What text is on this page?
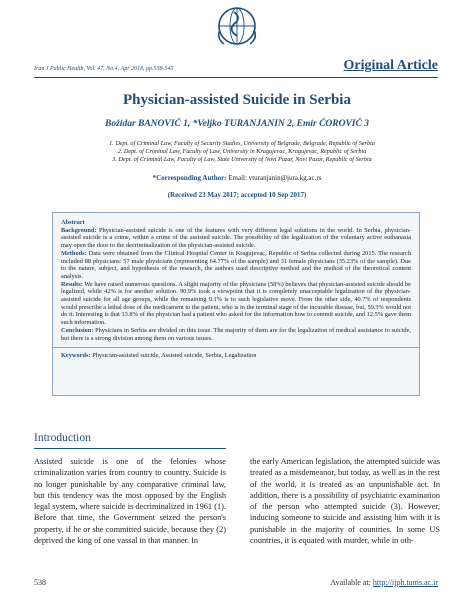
Iran J Public Health, Vol. 47, No.4, Apr 2018, pp.538-545	Original Article
Physician-assisted Suicide in Serbia
Božidar BANOVIĆ 1, *Veljko TURANJANIN 2, Emir ĆOROVIĆ 3
1. Dept. of Criminal Law, Faculty of Security Studies, University of Belgrade, Belgrade, Republic of Serbia
2. Dept. of Criminal Law, Faculty of Law, University in Kragujevac, Kragujevac, Republic of Serbia
3. Dept. of Criminal Law, Faculty of Law, State University of Novi Pazar, Novi Pazar, Republic of Serbia
*Corresponding Author: Email: vturanjanin@jura.kg.ac.rs
(Received 23 May 2017; accepted 10 Sep 2017)
Abstract

Background: Physician-assisted suicide is one of the features with very different legal solutions in the world. In Serbia, physician-assisted suicide is a crime, within a crime of the assisted suicide. The possibility of the legalization of the voluntary active euthanasia may open the door to the decriminalization of the physician-assisted suicide.

Methods: Data were obtained from the Clinical Hospital Center in Kragujevac, Republic of Serbia collected during 2015. The research included 88 physicians: 57 male physicians (representing 64.77% of the sample) and 31 female physicians (35.23% of the sample). Due to the nature, subject, and hypothesis of the research, the authors used descriptive method and the method of the theoretical content analysis.

Results: We have raised numerous questions. A slight majority of the physicians (58%) believes that physician-assisted suicide should be legalized, while 42% is for another solution. 90.9% took a viewpoint that it is completely unacceptable legalization of the physician-assisted suicide for all age groups, while the remaining 9.1% is to such legislative move. From the other side, 40.7% of respondents would prescribe a lethal dose of the medicament to the patient, who is in the terminal stage of the incurable disease, but, 59.3% would not do it. Interesting is that 13.8% of the physician had a patient who asked for the information how to commit suicide, and 12.5% gave them such information.

Conclusion: Physicians in Serbia are divided on this issue. The majority of them are for the legalization of medical assistance to suicide, but there is a strong division among them on various issues.

Keywords: Physician-assisted suicide, Assisted suicide, Serbia, Legalization

Introduction
Assisted suicide is one of the felonies whose criminalization varies from country to country. Suicide is no longer punishable by any comparative criminal law, but this tendency was the most opposed by the English legal system, where suicide is decriminalized in 1961 (1). Before that time, the Government seized the person's property, if he or she committed suicide, because they (2) deprived the king of one vassal in that manner. In
the early American legislation, the attempted suicide was treated as a misdemeanor, but today, as well as in the rest of the world, it is treated as an unpunishable act. In addition, there is a possibility of psychiatric examination of the person who attempted suicide (3). However, inducing someone to suicide and assisting him with it is punishable in the majority of countries. In some US countries, it is equated with murder, while in oth-
538	Available at: http://ijph.tums.ac.ir
